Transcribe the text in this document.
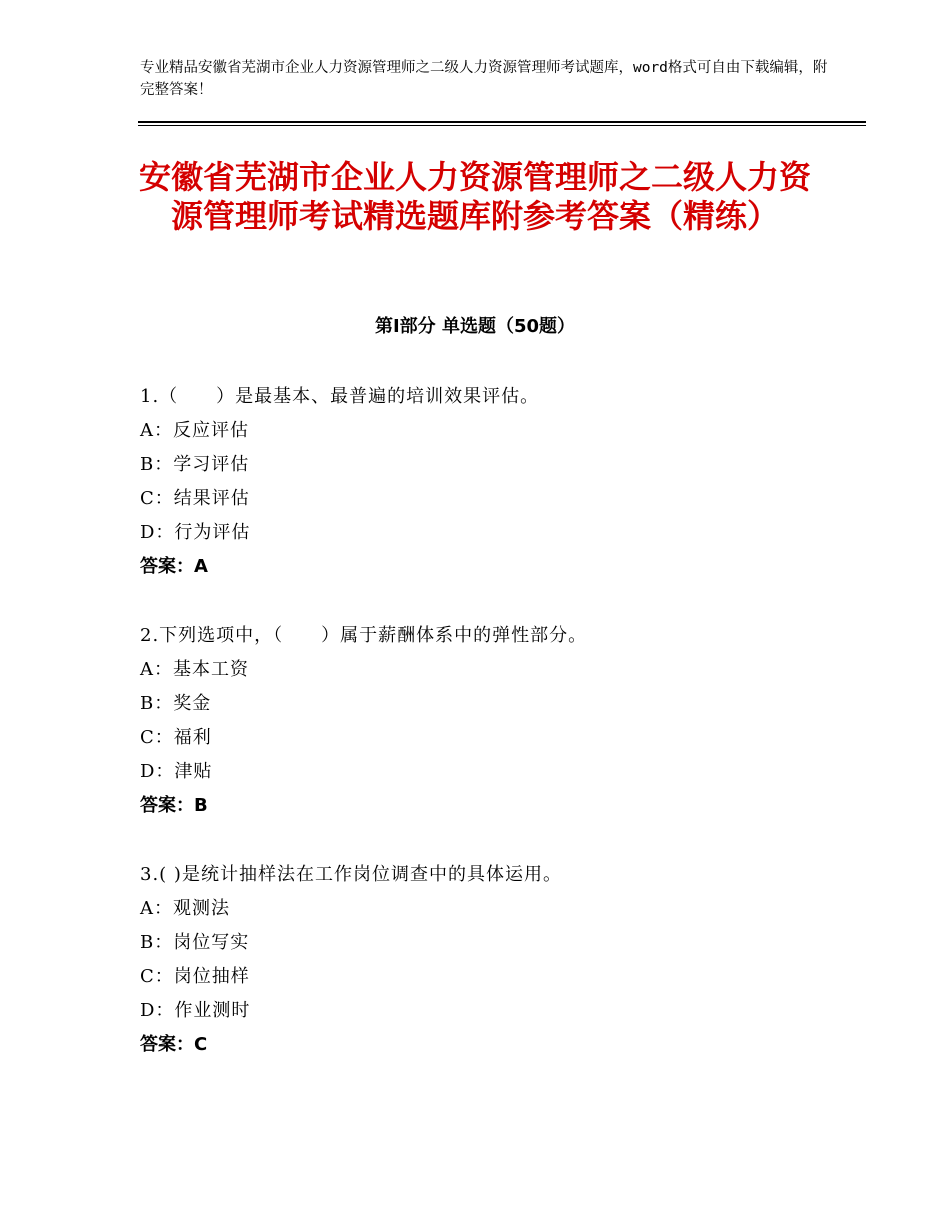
专业精品安徽省芜湖市企业人力资源管理师之二级人力资源管理师考试题库，word格式可自由下载编辑，附完整答案！
安徽省芜湖市企业人力资源管理师之二级人力资源管理师考试精选题库附参考答案（精练）
第Ⅰ部分 单选题（50题）
1.（　　）是最基本、最普遍的培训效果评估。
A：反应评估
B：学习评估
C：结果评估
D：行为评估
答案：A
2.下列选项中，（　　）属于薪酬体系中的弹性部分。
A：基本工资
B：奖金
C：福利
D：津贴
答案：B
3.( )是统计抽样法在工作岗位调查中的具体运用。
A：观测法
B：岗位写实
C：岗位抽样
D：作业测时
答案：C
